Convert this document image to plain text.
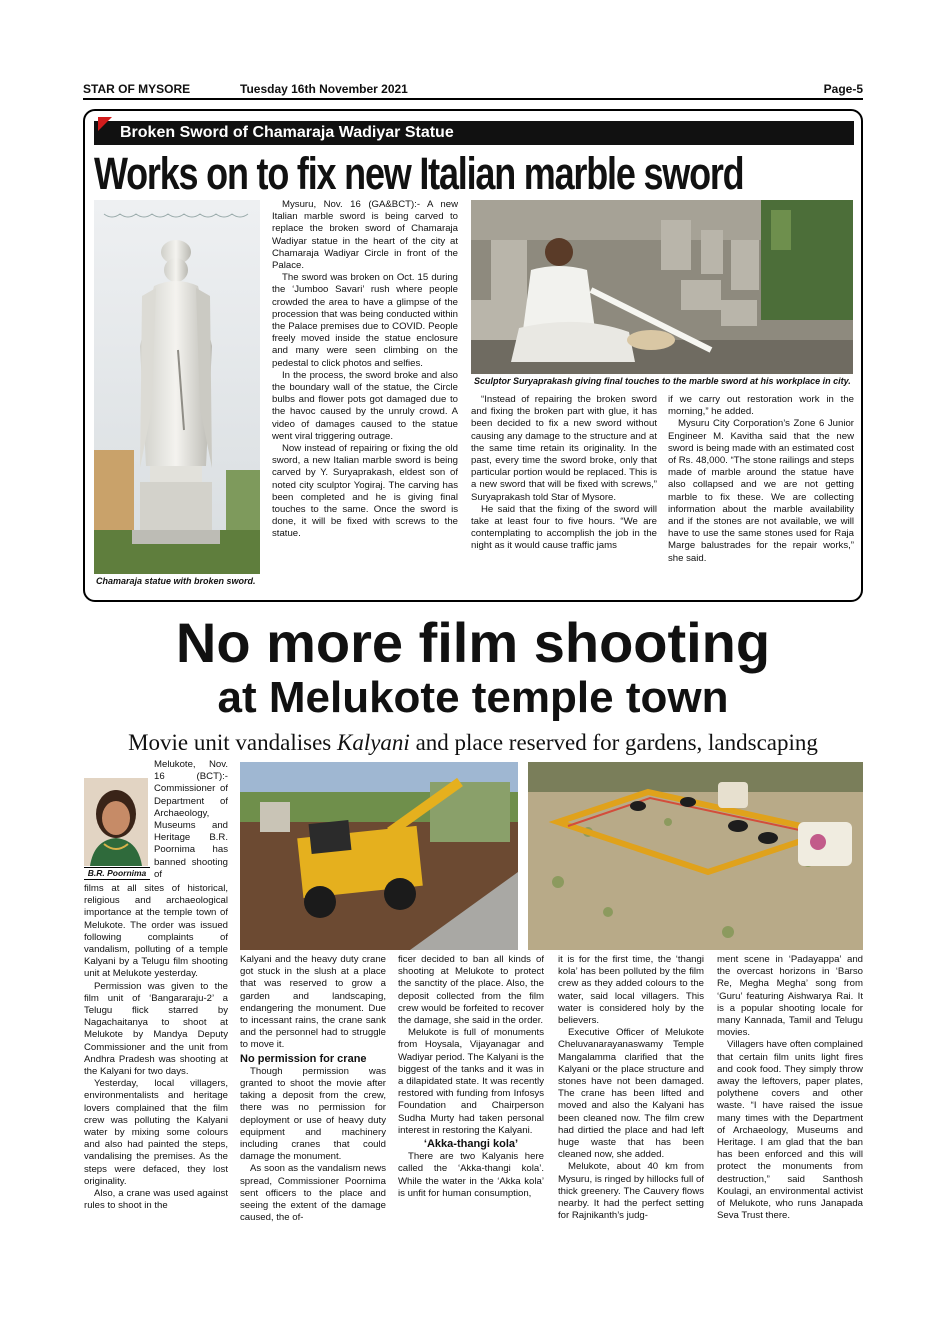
STAR OF MYSORE	Tuesday 16th November 2021	Page-5
Broken Sword of Chamaraja Wadiyar Statue
Works on to fix new Italian marble sword
Chamaraja statue with broken sword.

Mysuru, Nov. 16 (GA&BCT):- A new Italian marble sword is being carved to replace the broken sword of Chamaraja Wadiyar statue in the heart of the city at Chamaraja Wadiyar Circle in front of the Palace.

The sword was broken on Oct. 15 during the ‘Jumboo Savari’ rush where people crowded the area to have a glimpse of the procession that was being conducted within the Palace premises due to COVID. People freely moved inside the statue enclosure and many were seen climbing on the pedestal to click photos and selfies.

In the process, the sword broke and also the boundary wall of the statue, the Circle bulbs and flower pots got damaged due to the havoc caused by the unruly crowd. A video of damages caused to the statue went viral triggering outrage.

Now instead of repairing or fixing the old sword, a new Italian marble sword is being carved by Y. Suryaprakash, eldest son of noted city sculptor Yogiraj. The carving has been completed and he is giving final touches to the same. Once the sword is done, it will be fixed with screws to the statue.

Sculptor Suryaprakash giving final touches to the marble sword at his workplace in city.

“Instead of repairing the broken sword and fixing the broken part with glue, it has been decided to fix a new sword without causing any damage to the structure and at the same time retain its originality. In the past, every time the sword broke, only that particular portion would be replaced. This is a new sword that will be fixed with screws,” Suryaprakash told Star of Mysore.

He said that the fixing of the sword will take at least four to five hours. “We are contemplating to accomplish the job in the night as it would cause traffic jams

if we carry out restoration work in the morning,” he added.

Mysuru City Corporation’s Zone 6 Junior Engineer M. Kavitha said that the new sword is being made with an estimated cost of Rs. 48,000. “The stone railings and steps made of marble around the statue have also collapsed and we are not getting marble to fix these. We are collecting information about the marble availability and if the stones are not available, we will have to use the same stones used for Raja Marge balustrades for the repair works,” she said.

No more film shooting
at Melukote temple town
Movie unit vandalises Kalyani and place reserved for gardens, landscaping
B.R. Poornima

Melukote, Nov. 16 (BCT):- Commissioner of Department of Archaeology, Museums and Heritage B.R. Poornima has banned shooting of

films at all sites of historical, religious and archaeological importance at the temple town of Melukote. The order was issued following complaints of vandalism, polluting of a temple Kalyani by a Telugu film shooting unit at Melukote yesterday.

Permission was given to the film unit of ‘Bangararaju-2’ a Telugu flick starred by Nagachaitanya to shoot at Melukote by Mandya Deputy Commissioner and the unit from Andhra Pradesh was shooting at the Kalyani for two days.

Yesterday, local villagers, environmentalists and heritage lovers complained that the film crew was polluting the Kalyani water by mixing some colours and also had painted the steps, vandalising the premises. As the steps were defaced, they lost originality.

Also, a crane was used against rules to shoot in the

Kalyani and the heavy duty crane got stuck in the slush at a place that was reserved to grow a garden and landscaping, endangering the monument. Due to incessant rains, the crane sank and the personnel had to struggle to move it.

No permission for crane

Though permission was granted to shoot the movie after taking a deposit from the crew, there was no permission for deployment or use of heavy duty equipment and machinery including cranes that could damage the monument.

As soon as the vandalism news spread, Commissioner Poornima sent officers to the place and seeing the extent of the damage caused, the of-

ficer decided to ban all kinds of shooting at Melukote to protect the sanctity of the place. Also, the deposit collected from the film crew would be forfeited to recover the damage, she said in the order.

Melukote is full of monuments from Hoysala, Vijayanagar and Wadiyar period. The Kalyani is the biggest of the tanks and it was in a dilapidated state. It was recently restored with funding from Infosys Foundation and Chairperson Sudha Murty had taken personal interest in restoring the Kalyani.

‘Akka-thangi kola’

There are two Kalyanis here called the ‘Akka-thangi kola’. While the water in the ‘Akka kola’ is unfit for human consumption,

it is for the first time, the ‘thangi kola’ has been polluted by the film crew as they added colours to the water, said local villagers. This water is considered holy by the believers.

Executive Officer of Melukote Cheluvanarayanaswamy Temple Mangalamma clarified that the Kalyani or the place structure and stones have not been damaged. The crane has been lifted and moved and also the Kalyani has been cleaned now. The film crew had dirtied the place and had left huge waste that has been cleaned now, she added.

Melukote, about 40 km from Mysuru, is ringed by hillocks full of thick greenery. The Cauvery flows nearby. It had the perfect setting for Rajnikanth’s judg-

ment scene in ‘Padayappa’ and the overcast horizons in ‘Barso Re, Megha Megha’ song from ‘Guru’ featuring Aishwarya Rai. It is a popular shooting locale for many Kannada, Tamil and Telugu movies.

Villagers have often complained that certain film units light fires and cook food. They simply throw away the leftovers, paper plates, polythene covers and other waste. “I have raised the issue many times with the Department of Archaeology, Museums and Heritage. I am glad that the ban has been enforced and this will protect the monuments from destruction,” said Santhosh Koulagi, an environmental activist of Melukote, who runs Janapada Seva Trust there.
